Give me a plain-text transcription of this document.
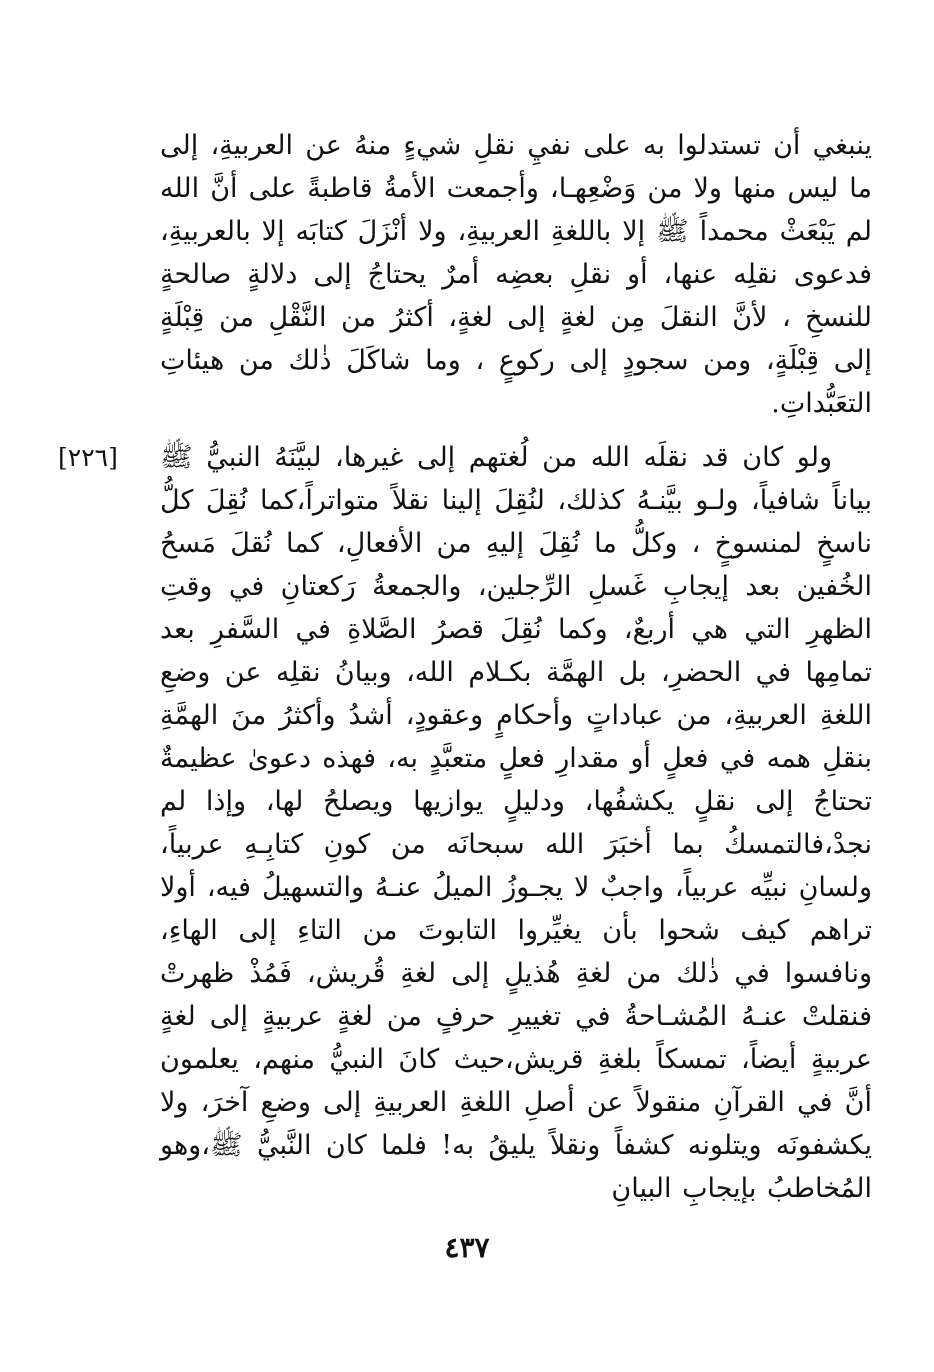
ينبغي أن تستدلوا به على نفيِ نقلِ شيءٍ منهُ عن العربيةِ، إلى ما ليس منها ولا من وَضْعِهـا، وأجمعت الأمةُ قاطبةً على أنَّ الله لم يَبْعَثْ محمداً ﷺ إلا باللغةِ العربيةِ، ولا أنْزَلَ كتابَه إلا بالعربيةِ، فدعوى نقلِه عنها، أو نقلِ بعضِه أمرٌ يحتاجُ إلى دلالةٍ صالحةٍ للنسخِ ، لأنَّ النقلَ مِن لغةٍ إلى لغةٍ، أكثرُ من النَّقْلِ من قِبْلَةٍ إلى قِبْلَةٍ، ومن سجودٍ إلى ركوعٍ ، وما شاكَلَ ذٰلك من هيئاتِ التعَبُّداتِ.

[٢٢٦]	ولو كان قد نقلَه الله من لُغتهم إلى غيرها، لبيَّنَهُ النبيُّ ﷺ بياناً شافياً، ولـو بيَّنـهُ كذلك، لنُقِلَ إلينا نقلاً متواتراً،كما نُقِلَ كلُّ ناسخٍ لمنسوخٍ ، وكلُّ ما نُقِلَ إليهِ من الأفعالِ، كما نُقلَ مَسحُ الخُفين بعد إيجابِ غَسلِ الرِّجلين، والجمعةُ رَكعتانِ في وقتِ الظهرِ التي هي أربعٌ، وكما نُقِلَ قصرُ الصَّلاةِ في السَّفرِ بعد تمامِها في الحضرِ، بل الهمَّة بكـلام الله، وبيانُ نقلِه عن وضعِ اللغةِ العربيةِ، من عباداتٍ وأحكامٍ وعقودٍ، أشدُ وأكثرُ منَ الهمَّةِ بنقلِ همه في فعلٍ أو مقدارِ فعلٍ متعبَّدٍ به، فهذه دعوىٰ عظيمةٌ تحتاجُ إلى نقلٍ يكشفُها، ودليلٍ يوازيها ويصلحُ لها، وإذا لم نجدْ،فالتمسكُ بما أخبَرَ الله سبحانَه من كونِ كتابِـهِ عربياً، ولسانِ نبيِّه عربياً، واجبٌ لا يجـوزُ الميلُ عنـهُ والتسهيلُ فيه، أولا تراهم كيف شحوا بأن يغيِّروا التابوتَ من التاءِ إلى الهاءِ، ونافسوا في ذٰلك من لغةِ هُذيلٍ إلى لغةِ قُريش، فَمُذْ ظهرتْ فنقلتْ عنـهُ المُشـاحةُ في تغييرِ حرفٍ من لغةٍ عربيةٍ إلى لغةٍ عربيةٍ أيضاً، تمسكاً بلغةِ قريش،حيث كانَ النبيُّ منهم، يعلمون أنَّ في القرآنِ منقولاً عن أصلِ اللغةِ العربيةِ إلى وضعِ آخرَ، ولا يكشفونَه ويتلونه كشفاً ونقلاً يليقُ به! فلما كان النَّبيُّ ﷺ،وهو المُخاطبُ بإيجابِ البيانِ

٤٣٧
